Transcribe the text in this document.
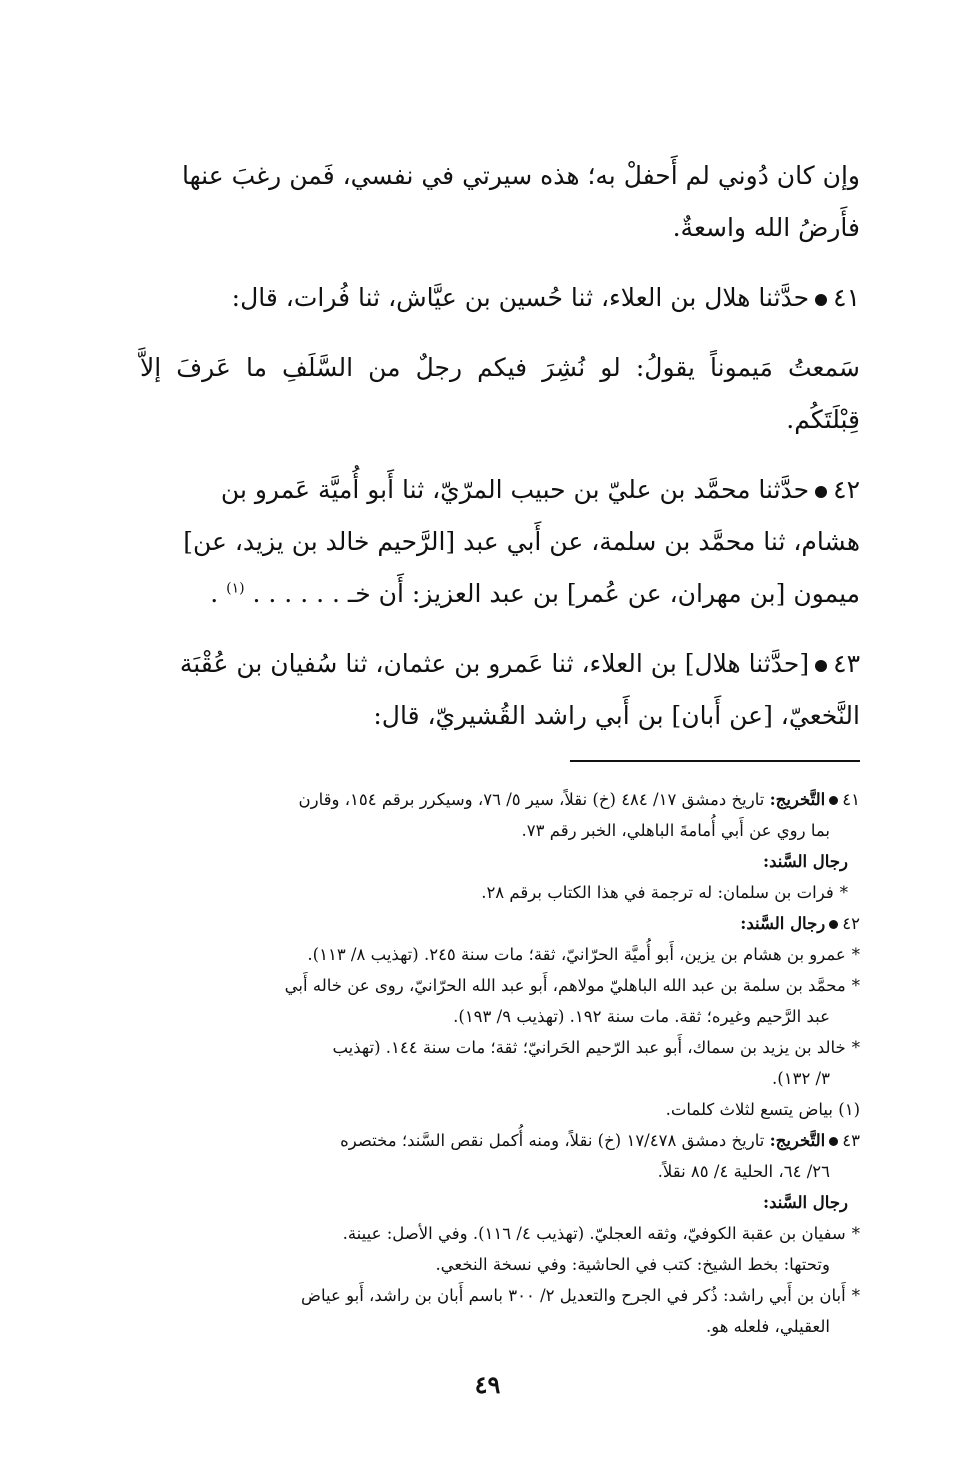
وإن كان دُوني لم أَحفلْ به؛ هذه سيرتي في نفسي، فَمن رغبَ عنها

فأَرضُ الله واسعةٌ.

٤١حدَّثنا هلال بن العلاء، ثنا حُسين بن عيَّاش، ثنا فُرات، قال:

سَمعتُ مَيموناً يقولُ: لو نُشِرَ فيكم رجلٌ من السَّلَفِ ما عَرفَ إلاَّ قِبْلَتَكُم.

٤٢حدَّثنا محمَّد بن عليّ بن حبيب المرّيّ، ثنا أَبو أُميَّة عَمرو بن

هشام، ثنا محمَّد بن سلمة، عن أَبي عبد [الرَّحيم خالد بن يزيد، عن]

ميمون [بن مهران، عن عُمر] بن عبد العزيز: أَن خـ . . . . . . $^{(١)}$ .

٤٣[حدَّثنا هلال] بن العلاء، ثنا عَمرو بن عثمان، ثنا سُفيان بن عُقْبَة

النَّخعيّ، [عن أَبان] بن أَبي راشد القُشيريّ، قال:

٤١التَّخريج: تاريخ دمشق ١٧/ ٤٨٤ (خ) نقلاً، سير ٥/ ٧٦، وسيكرر برقم ١٥٤، وقارن

بما روي عن أَبي أُمامةَ الباهلي، الخبر رقم ٧٣.

رجال السَّند:

*فرات بن سلمان: له ترجمة في هذا الكتاب برقم ٢٨.

٤٢رجال السَّند:

*عمرو بن هشام بن يزين، أَبو أُميَّة الحرّانيّ، ثقة؛ مات سنة ٢٤٥. (تهذيب ٨/ ١١٣).

*محمَّد بن سلمة بن عبد الله الباهليّ مولاهم، أَبو عبد الله الحرّانيّ، روى عن خاله أَبي

عبد الرَّحيم وغيره؛ ثقة. مات سنة ١٩٢. (تهذيب ٩/ ١٩٣).

*خالد بن يزيد بن سماك، أَبو عبد الرّحيم الحَرانيّ؛ ثقة؛ مات سنة ١٤٤. (تهذيب

٣/ ١٣٢).

(١) بياض يتسع لثلاث كلمات.

٤٣التَّخريج: تاريخ دمشق ١٧/٤٧٨ (خ) نقلاً، ومنه أُكمل نقص السَّند؛ مختصره

٢٦/ ٦٤، الحلية ٤/ ٨٥ نقلاً.

رجال السَّند:

*سفيان بن عقبة الكوفيّ، وثقه العجليّ. (تهذيب ٤/ ١١٦). وفي الأصل: عيينة.

وتحتها: بخط الشيخ: كتب في الحاشية: وفي نسخة النخعي.

*أَبان بن أَبي راشد: ذُكر في الجرح والتعديل ٢/ ٣٠٠ باسم أَبان بن راشد، أَبو عياض

العقيلي، فلعله هو.

٤٩
